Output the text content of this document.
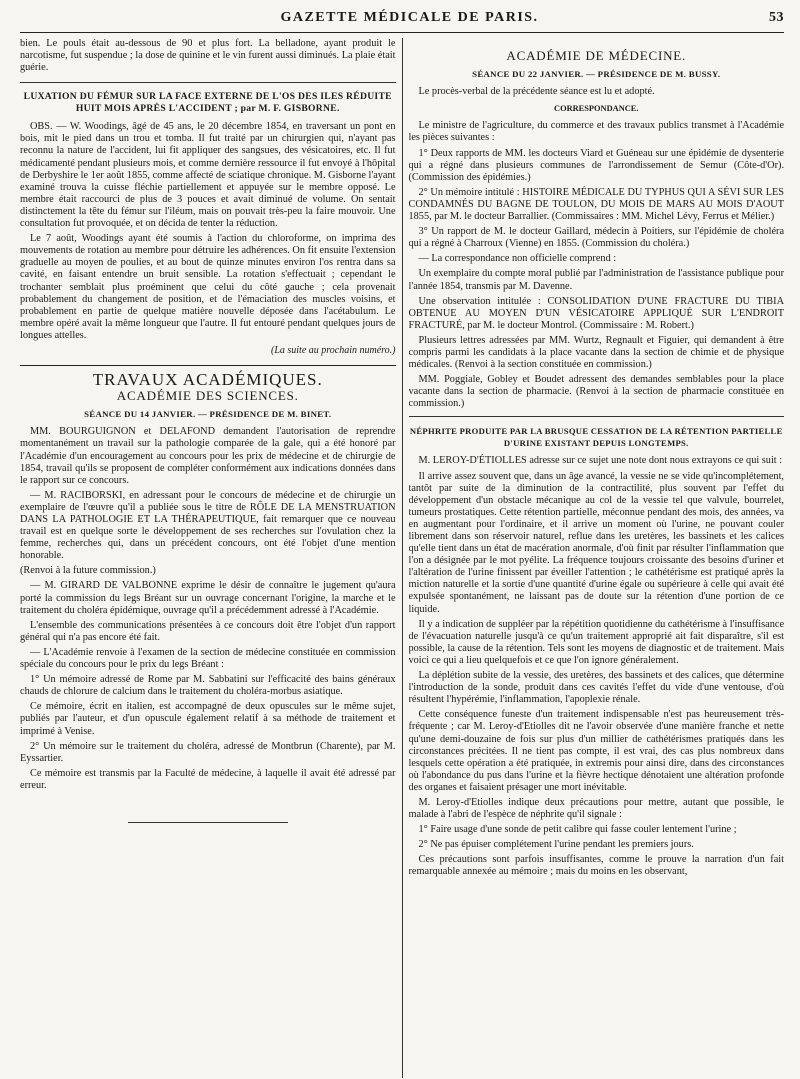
GAZETTE MÉDICALE DE PARIS.	53

bien. Le pouls était au-dessous de 90 et plus fort. La belladone, ayant produit le narcotisme, fut suspendue ; la dose de quinine et le vin furent aussi diminués. La plaie était guérie.

LUXATION DU FÉMUR SUR LA FACE EXTERNE DE L'OS DES ILES RÉDUITE HUIT MOIS APRÈS L'ACCIDENT ; par M. F. GISBORNE.

OBS. — W. Woodings, âgé de 45 ans, le 20 décembre 1854, en traversant un pont en bois, mit le pied dans un trou et tomba. Il fut traité par un chirurgien qui, n'ayant pas reconnu la nature de l'accident, lui fit appliquer des sangsues, des vésicatoires, etc. Il fut médicamenté pendant plusieurs mois, et comme dernière ressource il fut envoyé à l'hôpital de Derbyshire le 1er août 1855, comme affecté de sciatique chronique. M. Gisborne l'ayant examiné trouva la cuisse fléchie partiellement et appuyée sur le membre opposé. Le membre était raccourci de plus de 3 pouces et avait diminué de volume. On sentait distinctement la tête du fémur sur l'iléum, mais on pouvait très-peu la faire mouvoir. Une consultation fut provoquée, et on décida de tenter la réduction.

Le 7 août, Woodings ayant été soumis à l'action du chloroforme, on imprima des mouvements de rotation au membre pour détruire les adhérences. On fit ensuite l'extension graduelle au moyen de poulies, et au bout de quinze minutes environ l'os rentra dans sa cavité, en faisant entendre un bruit sensible. La rotation s'effectuait ; cependant le trochanter semblait plus proéminent que celui du côté gauche ; cela provenait probablement du changement de position, et de l'émaciation des muscles voisins, et probablement en partie de quelque matière nouvelle déposée dans l'acétabulum. Le membre opéré avait la même longueur que l'autre. Il fut entouré pendant quelques jours de longues attelles.

(La suite au prochain numéro.)
TRAVAUX ACADÉMIQUES.
ACADÉMIE DES SCIENCES.
SÉANCE DU 14 JANVIER. — PRÉSIDENCE DE M. BINET.

MM. BOURGUIGNON et DELAFOND demandent l'autorisation de reprendre momentanément un travail sur la pathologie comparée de la gale, qui a été honoré par l'Académie d'un encouragement au concours pour les prix de médecine et de chirurgie de 1854, travail qu'ils se proposent de compléter conformément aux indications données dans le rapport sur ce concours.

— M. RACIBORSKI, en adressant pour le concours de médecine et de chirurgie un exemplaire de l'œuvre qu'il a publiée sous le titre de RÔLE DE LA MENSTRUATION DANS LA PATHOLOGIE ET LA THÉRAPEUTIQUE, fait remarquer que ce nouveau travail est en quelque sorte le développement de ses recherches sur l'ovulation chez la femme, recherches qui, dans un précédent concours, ont été l'objet d'une mention honorable.

(Renvoi à la future commission.)

— M. GIRARD DE VALBONNE exprime le désir de connaître le jugement qu'aura porté la commission du legs Bréant sur un ouvrage concernant l'origine, la marche et le traitement du choléra épidémique, ouvrage qu'il a précédemment adressé à l'Académie.

L'ensemble des communications présentées à ce concours doit être l'objet d'un rapport général qui n'a pas encore été fait.

— L'Académie renvoie à l'examen de la section de médecine constituée en commission spéciale du concours pour le prix du legs Bréant :

1° Un mémoire adressé de Rome par M. Sabbatini sur l'efficacité des bains généraux chauds de chlorure de calcium dans le traitement du choléra-morbus asiatique.

Ce mémoire, écrit en italien, est accompagné de deux opuscules sur le même sujet, publiés par l'auteur, et d'un opuscule également relatif à sa méthode de traitement et imprimé à Venise.

2° Un mémoire sur le traitement du choléra, adressé de Montbrun (Charente), par M. Eyssartier.

Ce mémoire est transmis par la Faculté de médecine, à laquelle il avait été adressé par erreur.

ACADÉMIE DE MÉDECINE.
SÉANCE DU 22 JANVIER. — PRÉSIDENCE DE M. BUSSY.

Le procès-verbal de la précédente séance est lu et adopté.

CORRESPONDANCE.

Le ministre de l'agriculture, du commerce et des travaux publics transmet à l'Académie les pièces suivantes :

1° Deux rapports de MM. les docteurs Viard et Guéneau sur une épidémie de dysenterie qui a régné dans plusieurs communes de l'arrondissement de Semur (Côte-d'Or). (Commission des épidémies.)

2° Un mémoire intitulé : HISTOIRE MÉDICALE DU TYPHUS QUI A SÉVI SUR LES CONDAMNÉS DU BAGNE DE TOULON, DU MOIS DE MARS AU MOIS D'AOUT 1855, par M. le docteur Barrallier. (Commissaires : MM. Michel Lévy, Ferrus et Mélier.)

3° Un rapport de M. le docteur Gaillard, médecin à Poitiers, sur l'épidémie de choléra qui a régné à Charroux (Vienne) en 1855. (Commission du choléra.)

— La correspondance non officielle comprend :

Un exemplaire du compte moral publié par l'administration de l'assistance publique pour l'année 1854, transmis par M. Davenne.

Une observation intitulée : CONSOLIDATION D'UNE FRACTURE DU TIBIA OBTENUE AU MOYEN D'UN VÉSICATOIRE APPLIQUÉ SUR L'ENDROIT FRACTURÉ, par M. le docteur Montrol. (Commissaire : M. Robert.)

Plusieurs lettres adressées par MM. Wurtz, Regnault et Figuier, qui demandent à être compris parmi les candidats à la place vacante dans la section de chimie et de physique médicales. (Renvoi à la section constituée en commission.)

MM. Poggiale, Gobley et Boudet adressent des demandes semblables pour la place vacante dans la section de pharmacie. (Renvoi à la section de pharmacie constituée en commission.)

NÉPHRITE PRODUITE PAR LA BRUSQUE CESSATION DE LA RÉTENTION PARTIELLE D'URINE EXISTANT DEPUIS LONGTEMPS.

M. LEROY-D'ÉTIOLLES adresse sur ce sujet une note dont nous extrayons ce qui suit :

Il arrive assez souvent que, dans un âge avancé, la vessie ne se vide qu'incomplétement, tantôt par suite de la diminution de la contractilité, plus souvent par l'effet du développement d'un obstacle mécanique au col de la vessie tel que valvule, bourrelet, tumeurs prostatiques. Cette rétention partielle, méconnue pendant des mois, des années, va en augmentant pour l'ordinaire, et il arrive un moment où l'urine, ne pouvant couler librement dans son réservoir naturel, reflue dans les uretères, les bassinets et les calices qu'elle tient dans un état de macération anormale, d'où finit par résulter l'inflammation que l'on a désignée par le mot pyélite. La fréquence toujours croissante des besoins d'uriner et l'altération de l'urine finissent par éveiller l'attention ; le cathétérisme est pratiqué après la miction naturelle et la sortie d'une quantité d'urine égale ou supérieure à celle qui avait été expulsée spontanément, ne laissant pas de doute sur la rétention d'une portion de ce liquide.

Il y a indication de suppléer par la répétition quotidienne du cathétérisme à l'insuffisance de l'évacuation naturelle jusqu'à ce qu'un traitement approprié ait fait disparaître, s'il est possible, la cause de la rétention. Tels sont les moyens de diagnostic et de traitement. Mais voici ce qui a lieu quelquefois et ce que l'on ignore généralement.

La déplétion subite de la vessie, des uretères, des bassinets et des calices, que détermine l'introduction de la sonde, produit dans ces cavités l'effet du vide d'une ventouse, d'où résultent l'hypérémie, l'inflammation, l'apoplexie rénale.

Cette conséquence funeste d'un traitement indispensable n'est pas heureusement très-fréquente ; car M. Leroy-d'Etiolles dit ne l'avoir observée d'une manière franche et nette qu'une demi-douzaine de fois sur plus d'un millier de cathétérismes pratiqués dans les circonstances précitées. Il ne tient pas compte, il est vrai, des cas plus nombreux dans lesquels cette opération a été pratiquée, in extremis pour ainsi dire, dans des circonstances où l'abondance du pus dans l'urine et la fièvre hectique dénotaient une altération profonde des organes et faisaient présager une mort inévitable.

M. Leroy-d'Etiolles indique deux précautions pour mettre, autant que possible, le malade à l'abri de l'espèce de néphrite qu'il signale :

1° Faire usage d'une sonde de petit calibre qui fasse couler lentement l'urine ;

2° Ne pas épuiser complétement l'urine pendant les premiers jours.

Ces précautions sont parfois insuffisantes, comme le prouve la narration d'un fait remarquable annexée au mémoire ; mais du moins en les observant,
